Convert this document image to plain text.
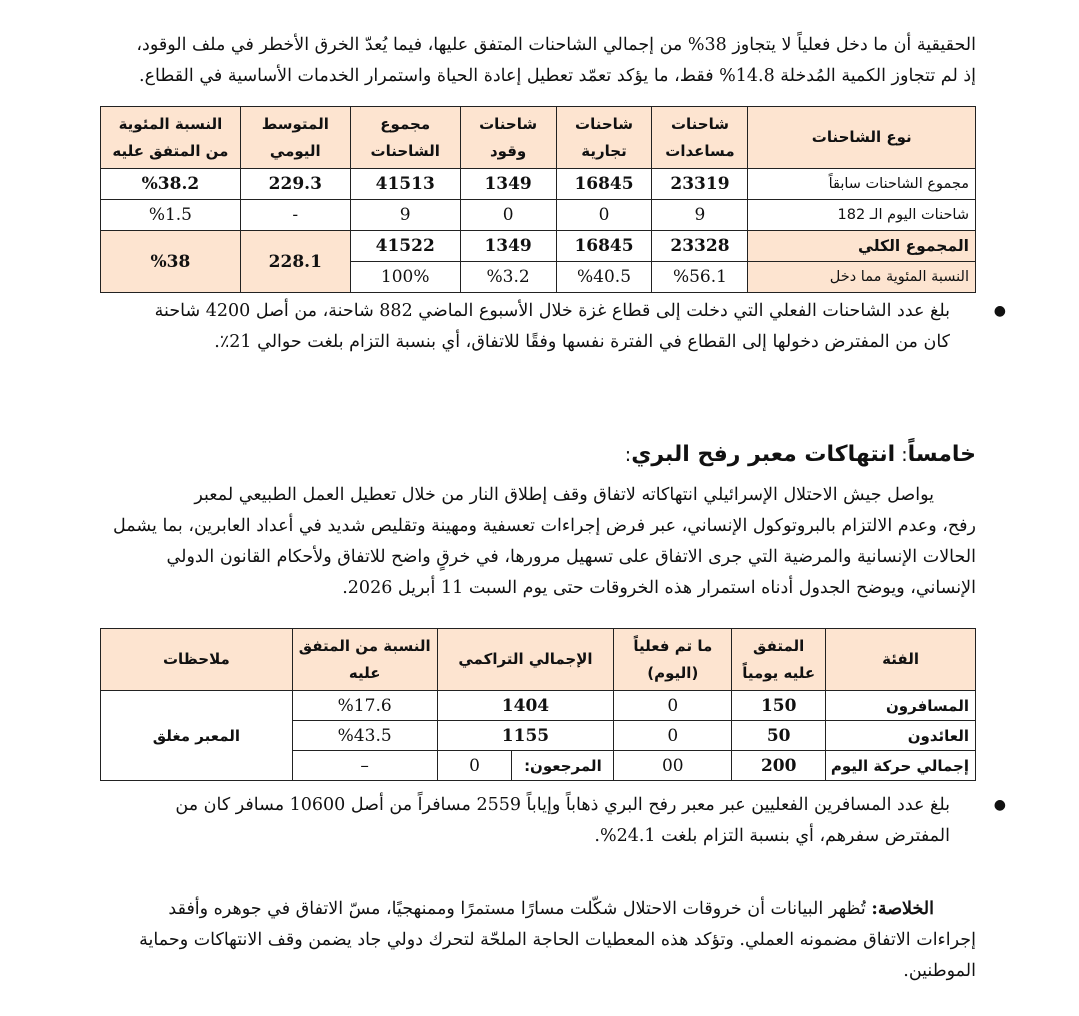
الحقيقية أن ما دخل فعلياً لا يتجاوز 38% من إجمالي الشاحنات المتفق عليها، فيما يُعدّ الخرق الأخطر في ملف الوقود،
إذ لم تتجاوز الكمية المُدخلة 14.8% فقط، ما يؤكد تعمّد تعطيل إعادة الحياة واستمرار الخدمات الأساسية في القطاع.

نوع الشاحنات	شاحنات مساعدات	شاحنات تجارية	شاحنات وقود	مجموع الشاحنات	المتوسط اليومي	النسبة المئوية من المتفق عليه
مجموع الشاحنات سابقاً	23319	16845	1349	41513	229.3	%38.2
شاحنات اليوم الـ 182	9	0	0	9	-	%1.5
المجموع الكلي	23328	16845	1349	41522	228.1	%38
النسبة المئوية مما دخل	%56.1	%40.5	%3.2	100%		
●
بلغ عدد الشاحنات الفعلي التي دخلت إلى قطاع غزة خلال الأسبوع الماضي 882 شاحنة، من أصل 4200 شاحنة
كان من المفترض دخولها إلى القطاع في الفترة نفسها وفقًا للاتفاق، أي بنسبة التزام بلغت حوالي 21٪.
خامساً: انتهاكات معبر رفح البري:

يواصل جيش الاحتلال الإسرائيلي انتهاكاته لاتفاق وقف إطلاق النار من خلال تعطيل العمل الطبيعي لمعبر
رفح، وعدم الالتزام بالبروتوكول الإنساني، عبر فرض إجراءات تعسفية ومهينة وتقليص شديد في أعداد العابرين، بما يشمل
الحالات الإنسانية والمرضية التي جرى الاتفاق على تسهيل مرورها، في خرقٍ واضح للاتفاق ولأحكام القانون الدولي
الإنساني، ويوضح الجدول أدناه استمرار هذه الخروقات حتى يوم السبت 11 أبريل 2026.

الفئة	المتفق عليه يومياً	ما تم فعلياً (اليوم)	الإجمالي التراكمي		النسبة من المتفق عليه	ملاحظات
المسافرون	150	0	1404		%17.6	المعبر مغلق
العائدون	50	0	1155		%43.5	
إجمالي حركة اليوم	200	00	المرجعون:	0	–	
●
بلغ عدد المسافرين الفعليين عبر معبر رفح البري ذهاباً وإياباً 2559 مسافراً من أصل 10600 مسافر كان من
المفترض سفرهم، أي بنسبة التزام بلغت 24.1%.

الخلاصة: تُظهر البيانات أن خروقات الاحتلال شكّلت مسارًا مستمرًا وممنهجيًا، مسّ الاتفاق في جوهره وأفقد
إجراءات الاتفاق مضمونه العملي. وتؤكد هذه المعطيات الحاجة الملحّة لتحرك دولي جاد يضمن وقف الانتهاكات وحماية
الموطنين.
